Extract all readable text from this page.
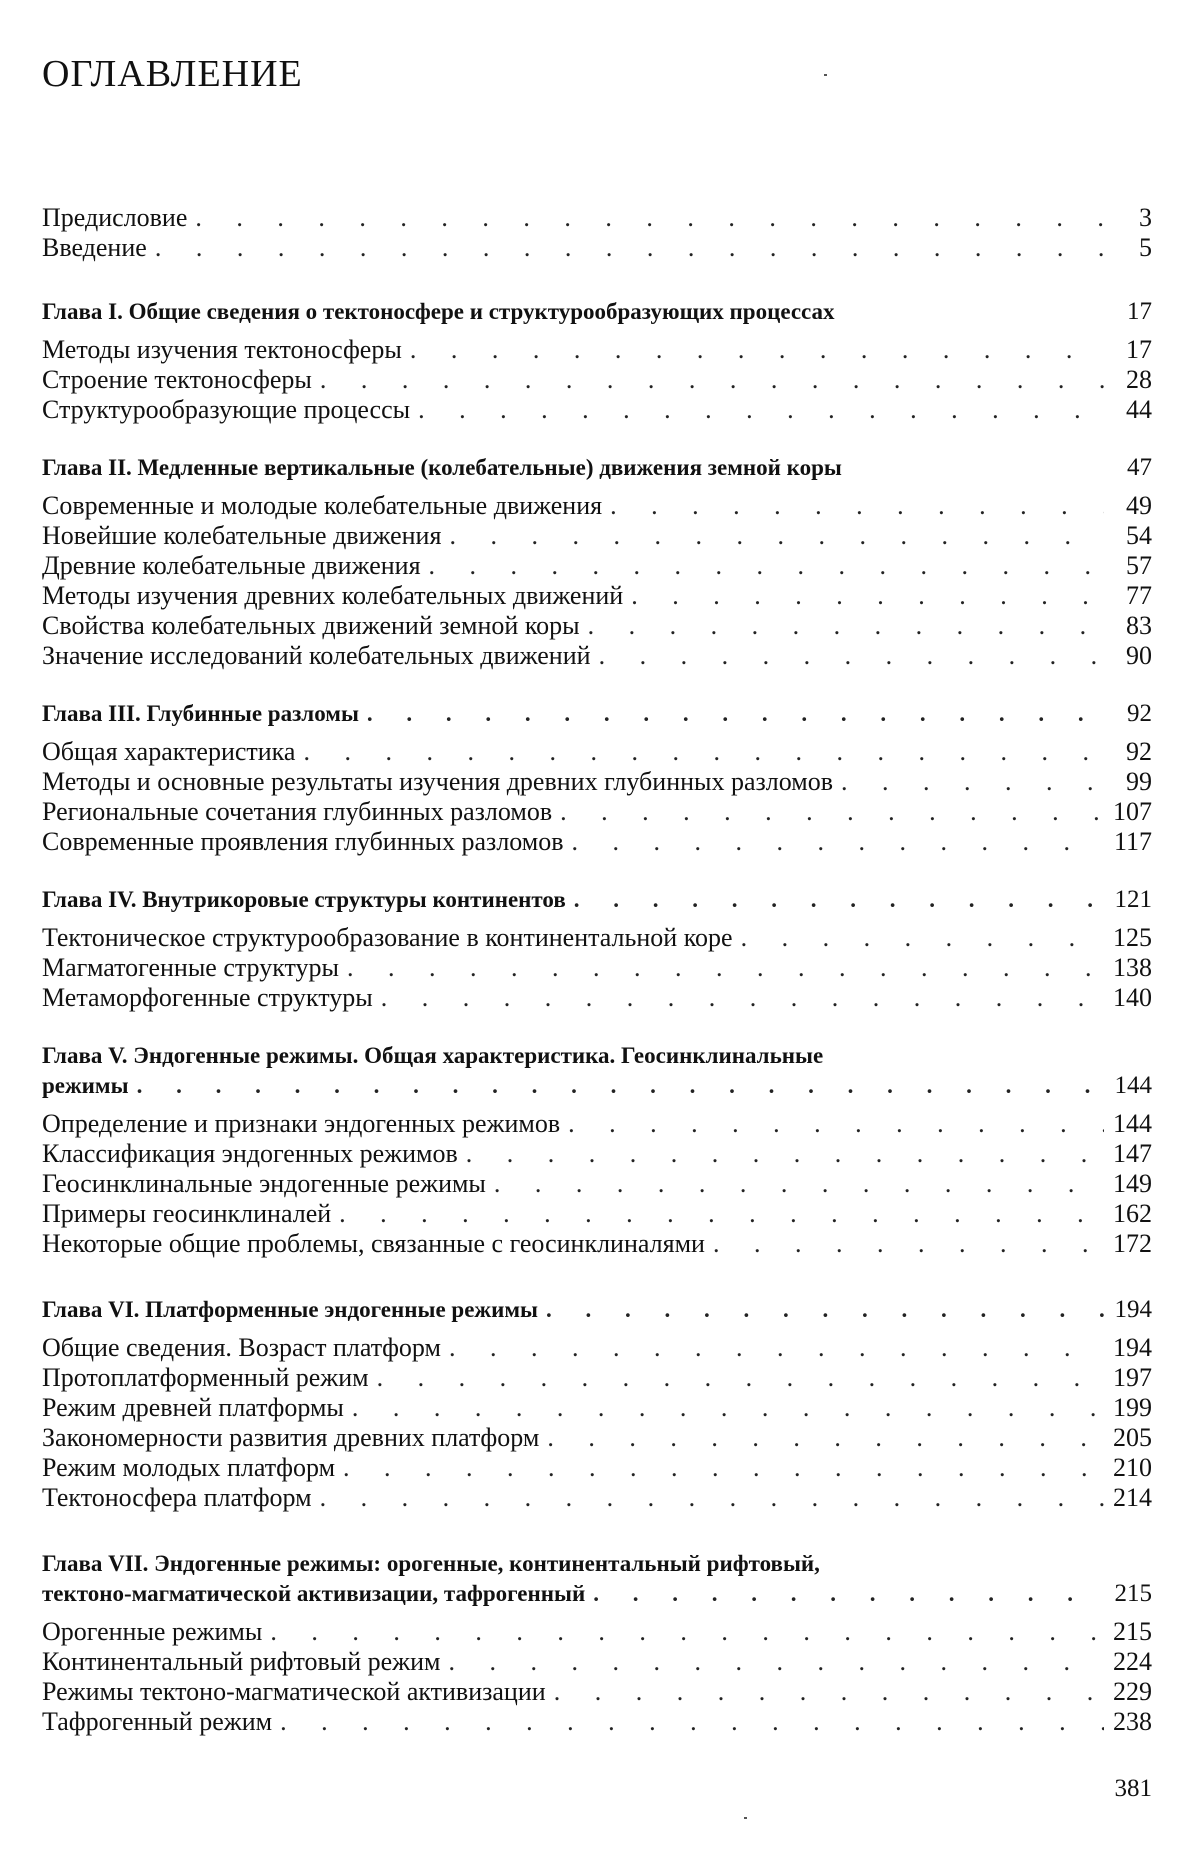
ОГЛАВЛЕНИЕ
Предисловие . . .	3
Введение . . .	5
Глава I. Общие сведения о тектоносфере и структурообразующих процессах	17
Методы изучения тектоносферы . . .	17
Строение тектоносферы . . .	28
Структурообразующие процессы . . .	44
Глава II. Медленные вертикальные (колебательные) движения земной коры	47
Современные и молодые колебательные движения . . .	49
Новейшие колебательные движения . . .	54
Древние колебательные движения . . .	57
Методы изучения древних колебательных движений . . .	77
Свойства колебательных движений земной коры . . .	83
Значение исследований колебательных движений . . .	90
Глава III. Глубинные разломы . . .	92
Общая характеристика . . .	92
Методы и основные результаты изучения древних глубинных разломов . . .	99
Региональные сочетания глубинных разломов . . .	107
Современные проявления глубинных разломов . . .	117
Глава IV. Внутрикоровые структуры континентов . . .	121
Тектоническое структурообразование в континентальной коре . . .	125
Магматогенные структуры . . .	138
Метаморфогенные структуры . . .	140
Глава V. Эндогенные режимы. Общая характеристика. Геосинклинальные
режимы . . .	144
Определение и признаки эндогенных режимов . . .	144
Классификация эндогенных режимов . . .	147
Геосинклинальные эндогенные режимы . . .	149
Примеры геосинклиналей . . .	162
Некоторые общие проблемы, связанные с геосинклиналями . . .	172
Глава VI. Платформенные эндогенные режимы . . .	194
Общие сведения. Возраст платформ . . .	194
Протоплатформенный режим . . .	197
Режим древней платформы . . .	199
Закономерности развития древних платформ . . .	205
Режим молодых платформ . . .	210
Тектоносфера платформ . . .	214
Глава VII. Эндогенные режимы: орогенные, континентальный рифтовый,
тектоно-магматической активизации, тафрогенный . . .	215
Орогенные режимы . . .	215
Континентальный рифтовый режим . . .	224
Режимы тектоно-магматической активизации . . .	229
Тафрогенный режим . . .	238
381
